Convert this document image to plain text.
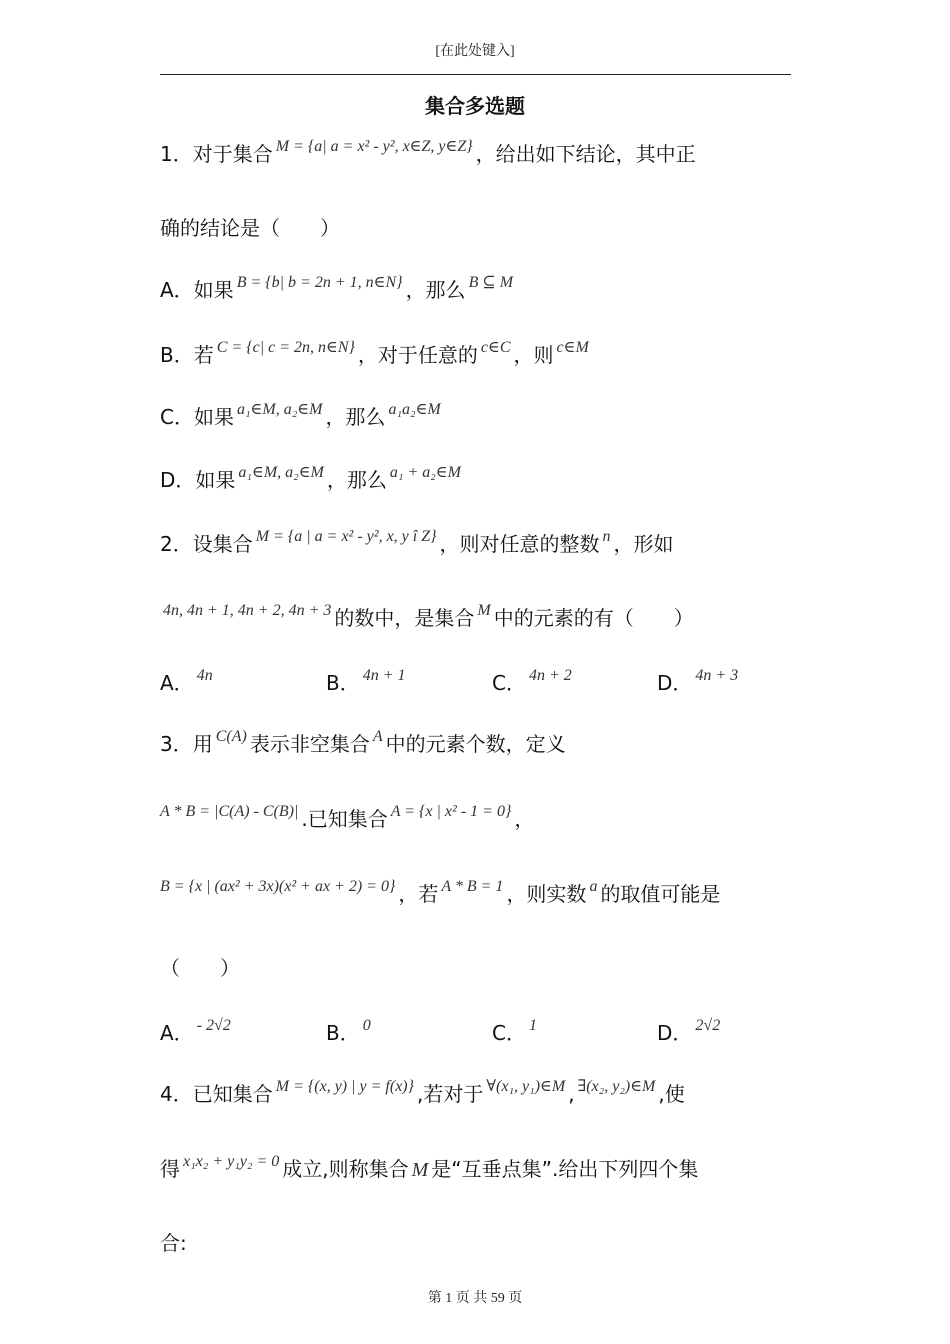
[在此处键入]
集合多选题
1．对于集合 $^{M = \{a| a = x^2 - y^2, x\in Z, y\in Z\}}$ ，给出如下结论，其中正
确的结论是（　　）
A．如果 $^{B = \{b| b = 2n + 1, n\in N\}}$ ，那么 $^{B ⊆ M}$
B．若 $^{C = \{c| c = 2n, n\in N\}}$ ，对于任意的 $^{c\in C}$ ，则 $^{c\in M}$
C．如果 $^{a_1\in M, a_2\in M}$ ，那么 $^{a_1a_2\in M}$
D．如果 $^{a_1\in M, a_2\in M}$ ，那么 $^{a_1 + a_2\in M}$
2．设集合 $^{M = \{a | a = x^2 - y^2, x, y î Z\}}$ ，则对任意的整数 $^n$ ，形如
$^{4n, 4n + 1, 4n + 2, 4n + 3}$ 的数中，是集合 $^M$ 中的元素的有（　　）
A． $^{4n}$	B． $^{4n + 1}$	C． $^{4n + 2}$	D． $^{4n + 3}$
3．用 $^{C(A)}$ 表示非空集合 $^A$ 中的元素个数，定义
$^{A * B = |C(A) - C(B)|}$ .已知集合 $^{A = \{x | x^2 - 1 = 0\}}$ ，
$^{B = \{x | (ax^2 + 3x)(x^2 + ax + 2) = 0\}}$ ，若 $^{A * B = 1}$ ，则实数 $^a$ 的取值可能是
（　　）
A． $^{- 2√2}$	B． $^0$	C． $^1$	D． $^{2√2}$
4．已知集合 $^{M = \{(x, y) | y = f(x)\}}$ ,若对于 $^{\forall(x_1, y_1)\in M}$ , $^{\exists(x_2, y_2)\in M}$ ,使
得 $^{x_1x_2 + y_1y_2 = 0}$ 成立,则称集合 M 是“互垂点集”.给出下列四个集
合:
第 1 页 共 59 页
